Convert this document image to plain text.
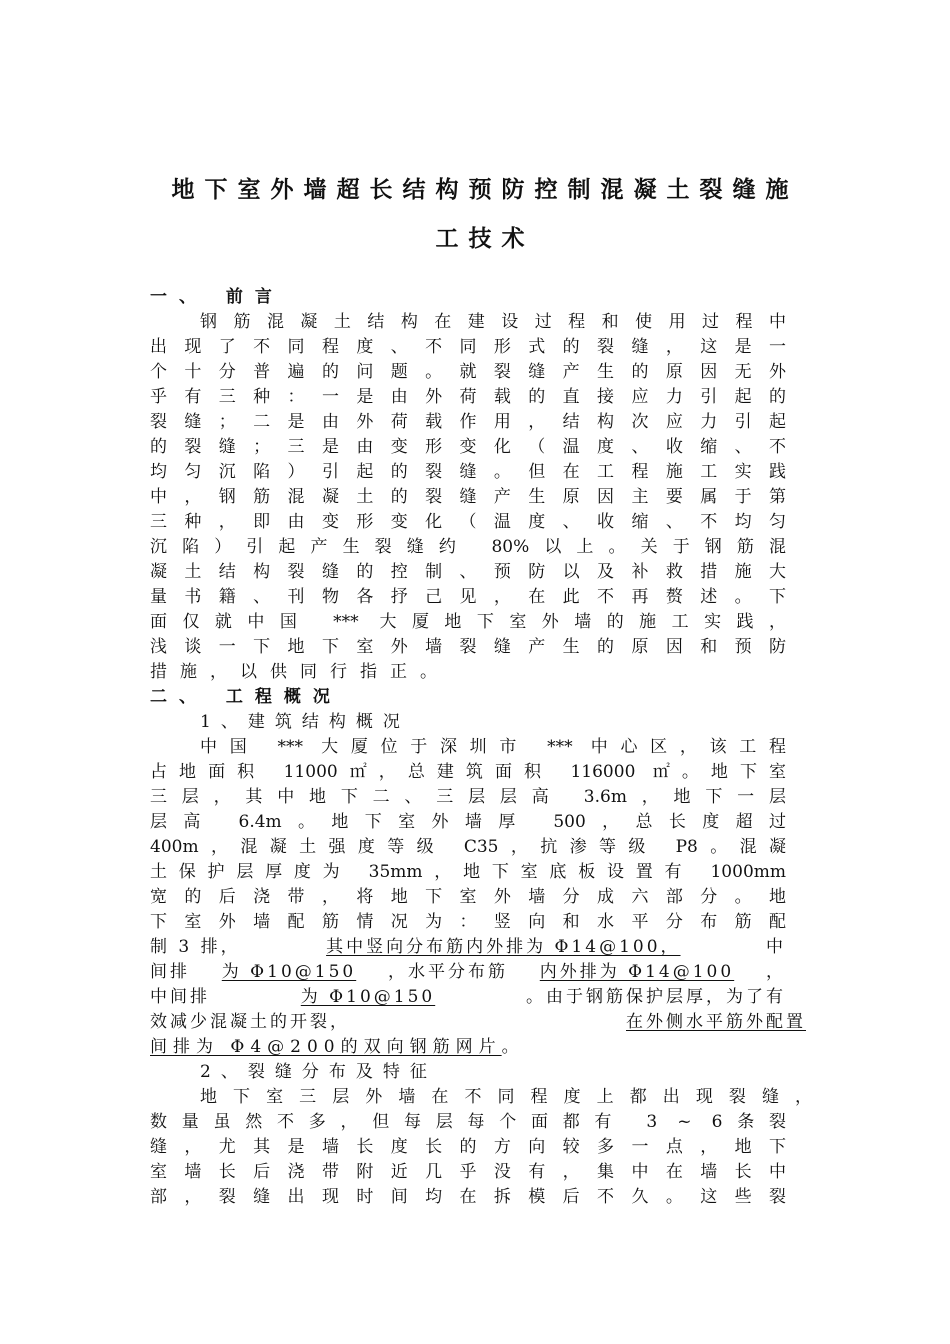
地下室外墙超长结构预防控制混凝土裂缝施
工技术
一、 前言
钢筋混凝土结构在建设过程和使用过程中
出现了不同程度、不同形式的裂缝，这是一
个十分普遍的问题。就裂缝产生的原因无外
乎有三种：一是由外荷载的直接应力引起的
裂缝；二是由外荷载作用，结构次应力引起
的裂缝；三是由变形变化（温度、收缩、不
均匀沉陷）引起的裂缝。但在工程施工实践
中，钢筋混凝土的裂缝产生原因主要属于第
三种，即由变形变化（温度、收缩、不均匀
沉陷）引起产生裂缝约 80%以上。关于钢筋混
凝土结构裂缝的控制、预防以及补救措施大
量书籍、刊物各抒己见，在此不再赘述。下
面仅就中国 *** 大厦地下室外墙的施工实践，
浅谈一下地下室外墙裂缝产生的原因和预防
措施，以供同行指正。
二、 工程概况
1、建筑结构概况
中国 *** 大厦位于深圳市 *** 中心区，该工程
占地面积 11000㎡，总建筑面积 116000 ㎡。地下室
三层，其中地下二、三层层高 3.6m，地下一层
层高 6.4m。地下室外墙厚 500，总长度超过
400m，混凝土强度等级 C35，抗渗等级 P8。混凝
土保护层厚度为 35mm，地下室底板设置有 1000mm
宽的后浇带，将地下室外墙分成六部分。地
下室外墙配筋情况为：竖向和水平分布筋配
制 3 排，	其中竖向分布筋内外排为 Φ14@100，	中
间排 为 Φ10@150 ，水平分布筋 内外排为 Φ14@100 ，
中间排	为 Φ10@150	。由于钢筋保护层厚，为了有
效减少混凝土的开裂，	在外侧水平筋外配置
间排为 Φ4@200的双向钢筋网片。
2、裂缝分布及特征
地下室三层外墙在不同程度上都出现裂缝，
数量虽然不多，但每层每个面都有 3 ~ 6条裂
缝，尤其是墙长度长的方向较多一点，地下
室墙长后浇带附近几乎没有，集中在墙长中
部，裂缝出现时间均在拆模后不久。这些裂
